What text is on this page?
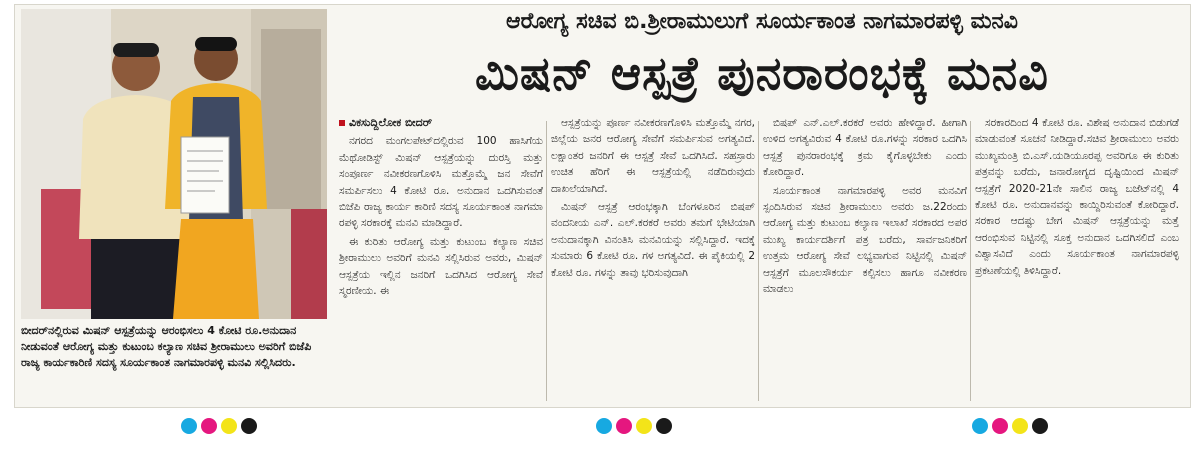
ಬೀದರ್‌ನಲ್ಲಿರುವ ಮಿಷನ್ ಆಸ್ಪತ್ರೆಯನ್ನು ಆರಂಭಿಸಲು 4 ಕೋಟಿ ರೂ.ಅನುದಾನ ನೀಡುವಂತೆ ಆರೋಗ್ಯ ಮತ್ತು ಕುಟುಂಬ ಕಲ್ಯಾಣ ಸಚಿವ ಶ್ರೀರಾಮುಲು ಅವರಿಗೆ ಬಿಜೆಪಿ ರಾಜ್ಯ ಕಾರ್ಯಕಾರಿಣಿ ಸದಸ್ಯ ಸೂರ್ಯಕಾಂತ ನಾಗಮಾರಪಳ್ಳಿ ಮನವಿ ಸಲ್ಲಿಸಿದರು.
ಆರೋಗ್ಯ ಸಚಿವ ಬಿ.ಶ್ರೀರಾಮುಲುಗೆ ಸೂರ್ಯಕಾಂತ ನಾಗಮಾರಪಳ್ಳಿ ಮನವಿ
ಮಿಷನ್ ಆಸ್ಪತ್ರೆ ಪುನರಾರಂಭಕ್ಕೆ ಮನವಿ
ವಿಕಸುದ್ದಿಲೋಕ ಬೀದರ್

ನಗರದ ಮಂಗಲಪೇಟ್‌ದಲ್ಲಿರುವ 100 ಹಾಸಿಗೆಯ ಮೆಥೋಡಿಸ್ಟ್ ಮಿಷನ್ ಆಸ್ಪತ್ರೆಯನ್ನು ದುರಸ್ತಿ ಮತ್ತು ಸಂಪೂರ್ಣ ನವೀಕರಣಗೊಳಿಸಿ ಮತ್ತೊಮ್ಮೆ ಜನ ಸೇವೆಗೆ ಸಮರ್ಪಿಸಲು 4 ಕೋಟಿ ರೂ. ಅನುದಾನ ಒದಗಿಸುವಂತೆ ಬಿಜೆಪಿ ರಾಜ್ಯ ಕಾರ್ಯ ಕಾರಿಣಿ ಸದಸ್ಯ ಸೂರ್ಯಕಾಂತ ನಾಗಮಾ ರಪಳ್ಳಿ ಸರಕಾರಕ್ಕೆ ಮನವಿ ಮಾಡಿದ್ದಾರೆ.

ಈ ಕುರಿತು ಆರೋಗ್ಯ ಮತ್ತು ಕುಟುಂಬ ಕಲ್ಯಾಣ ಸಚಿವ ಶ್ರೀರಾಮುಲು ಅವರಿಗೆ ಮನವಿ ಸಲ್ಲಿಸಿರುವ ಅವರು, ಮಿಷನ್ ಆಸ್ಪತ್ರೆಯ ಇಲ್ಲಿನ ಜನರಿಗೆ ಒದಗಿಸಿದ ಆರೋಗ್ಯ ಸೇವೆ ಸ್ಮರಣೀಯ. ಈ

ಆಸ್ಪತ್ರೆಯನ್ನು ಪೂರ್ಣ ನವೀಕರಣಗೊಳಿಸಿ ಮತ್ತೊಮ್ಮೆ ನಗರ, ಜಿಲ್ಲೆಯ ಜನರ ಆರೋಗ್ಯ ಸೇವೆಗೆ ಸಮರ್ಪಿಸುವ ಅಗತ್ಯವಿದೆ. ಲಕ್ಷಾಂತರ ಜನರಿಗೆ ಈ ಆಸ್ಪತ್ರೆ ಸೇವೆ ಒದಗಿಸಿದೆ. ಸಹಸ್ರಾರು ಉಚಿತ ಹೆರಿಗೆ ಈ ಆಸ್ಪತ್ರೆಯಲ್ಲಿ ನಡೆದಿರುವುದು ದಾಖಲೆಯಾಗಿದೆ.

ಮಿಷನ್ ಆಸ್ಪತ್ರೆ ಆರಂಭಕ್ಕಾಗಿ ಬೆಂಗಳೂರಿನ ಬಿಷಪ್ ವಂದನೀಯ ಎನ್. ಎಲ್.ಕರಕರೆ ಅವರು ತಮಗೆ ಭೇಟಿಯಾಗಿ ಅನುದಾನಕ್ಕಾಗಿ ವಿನಂತಿಸಿ ಮನವಿಯನ್ನು ಸಲ್ಲಿಸಿದ್ದಾರೆ. ಇದಕ್ಕೆ ಸುಮಾರು 6 ಕೋಟಿ ರೂ. ಗಳ ಅಗತ್ಯವಿದೆ. ಈ ಪೈಕಿಯಲ್ಲಿ 2 ಕೋಟಿ ರೂ. ಗಳನ್ನು ತಾವು ಭರಿಸುವುದಾಗಿ

ಬಿಷಪ್ ಎನ್.ಎಲ್.ಕರಕರೆ ಅವರು ಹೇಳಿದ್ದಾರೆ. ಹೀಗಾಗಿ ಉಳಿದ ಅಗತ್ಯವಿರುವ 4 ಕೋಟಿ ರೂ.ಗಳನ್ನು ಸರಕಾರ ಒದಗಿಸಿ ಆಸ್ಪತ್ರೆ ಪುನರಾರಂಭಕ್ಕೆ ಕ್ರಮ ಕೈಗೊಳ್ಳಬೇಕು ಎಂದು ಕೋರಿದ್ದಾರೆ.

ಸೂರ್ಯಕಾಂತ ನಾಗಮಾರಪಳ್ಳಿ ಅವರ ಮನವಿಗೆ ಸ್ಪಂದಿಸಿರುವ ಸಚಿವ ಶ್ರೀರಾಮುಲು ಅವರು ಜ.22ರಂದು ಆರೋಗ್ಯ ಮತ್ತು ಕುಟುಂಬ ಕಲ್ಯಾಣ ಇಲಾಖೆ ಸರಕಾರದ ಅಪರ ಮುಖ್ಯ ಕಾರ್ಯದರ್ಶಿಗೆ ಪತ್ರ ಬರೆದು, ಸಾರ್ವಜನಿಕರಿಗೆ ಉತ್ತಮ ಆರೋಗ್ಯ ಸೇವೆ ಲಭ್ಯವಾಗುವ ನಿಟ್ಟಿನಲ್ಲಿ ಮಿಷನ್ ಆಸ್ಪತ್ರೆಗೆ ಮೂಲಸೌಕರ್ಯ ಕಲ್ಪಿಸಲು ಹಾಗೂ ನವೀಕರಣ ಮಾಡಲು

ಸರಕಾರದಿಂದ 4 ಕೋಟಿ ರೂ. ವಿಶೇಷ ಅನುದಾನ ಬಿಡುಗಡೆ ಮಾಡುವಂತೆ ಸೂಚನೆ ನೀಡಿದ್ದಾರೆ.ಸಚಿವ ಶ್ರೀರಾಮುಲು ಅವರು ಮುಖ್ಯಮಂತ್ರಿ ಬಿ.ಎಸ್.ಯಡಿಯೂರಪ್ಪ ಅವರಿಗೂ ಈ ಕುರಿತು ಪತ್ರವನ್ನು ಬರೆದು, ಜನಾರೋಗ್ಯದ ದೃಷ್ಟಿಯಿಂದ ಮಿಷನ್ ಆಸ್ಪತ್ರೆಗೆ 2020-21ನೇ ಸಾಲಿನ ರಾಜ್ಯ ಬಜೆಟ್‌ನಲ್ಲಿ 4 ಕೋಟಿ ರೂ. ಅನುದಾನವನ್ನು ಕಾಯ್ದಿರಿಸುವಂತೆ ಕೋರಿದ್ದಾರೆ. ಸರಕಾರ ಆದಷ್ಟು ಬೇಗ ಮಿಷನ್ ಆಸ್ಪತ್ರೆಯನ್ನು ಮತ್ತೆ ಆರಂಭಿಸುವ ನಿಟ್ಟಿನಲ್ಲಿ ಸೂಕ್ತ ಅನುದಾನ ಒದಗಿಸಲಿದೆ ಎಂಬ ವಿಶ್ವಾಸವಿದೆ ಎಂದು ಸೂರ್ಯಕಾಂತ ನಾಗಮಾರಪಳ್ಳಿ ಪ್ರಕಟಣೆಯಲ್ಲಿ ತಿಳಿಸಿದ್ದಾರೆ.
